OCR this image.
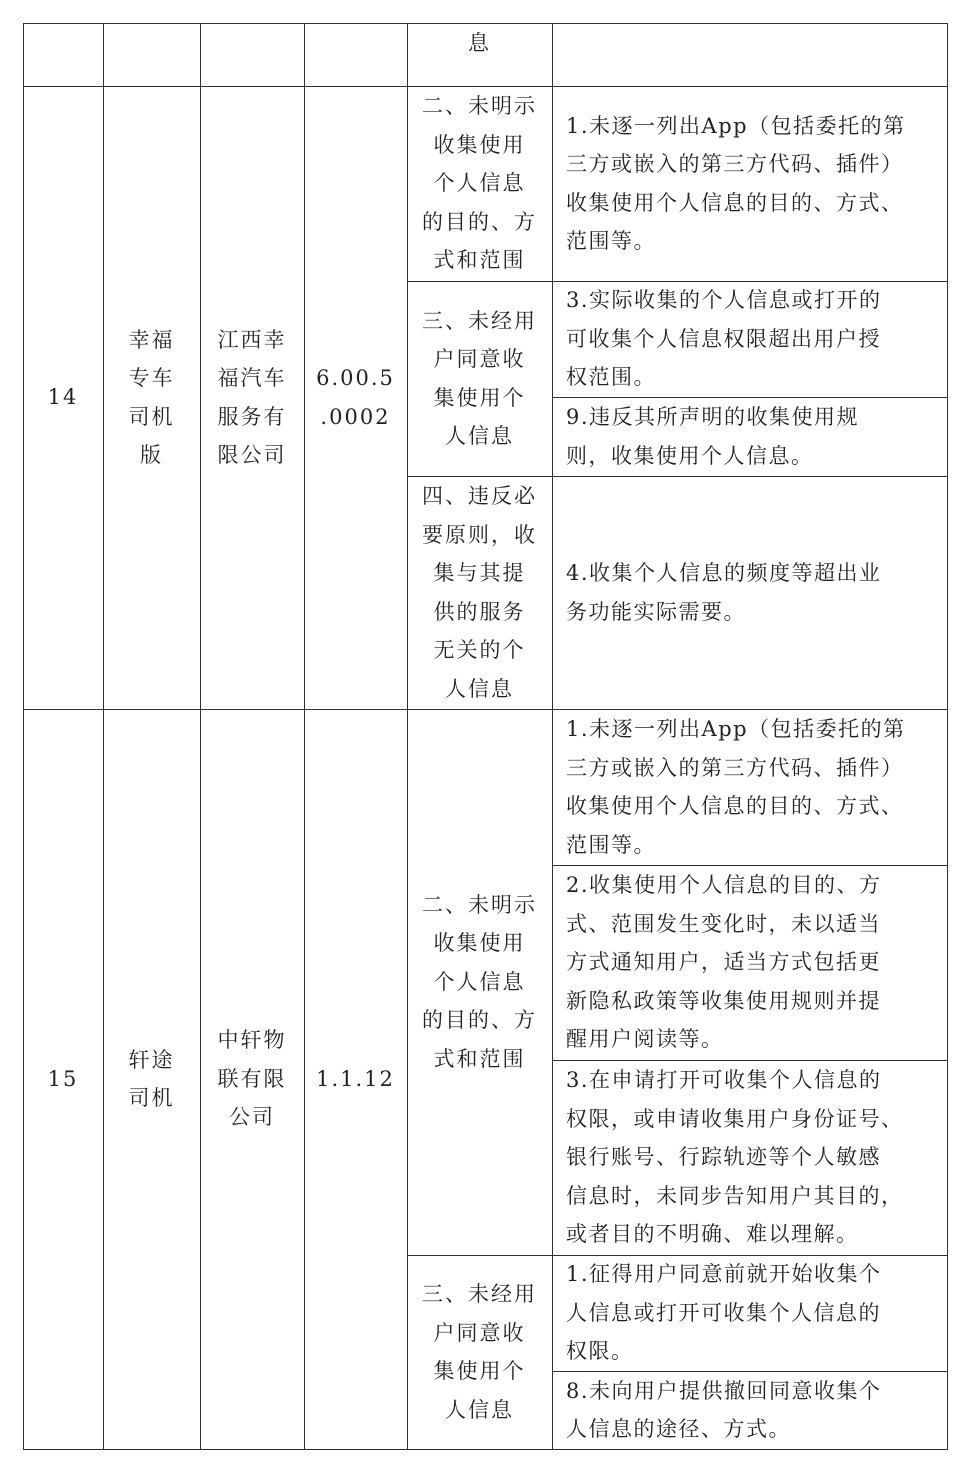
息
14
幸福
专车
司机
版
江西幸
福汽车
服务有
限公司
6.00.5
.0002
二、未明示
收集使用
个人信息
的目的、方
式和范围
1.未逐一列出App（包括委托的第
三方或嵌入的第三方代码、插件）
收集使用个人信息的目的、方式、
范围等。
三、未经用
户同意收
集使用个
人信息
3.实际收集的个人信息或打开的
可收集个人信息权限超出用户授
权范围。
9.违反其所声明的收集使用规
则，收集使用个人信息。
四、违反必
要原则，收
集与其提
供的服务
无关的个
人信息
4.收集个人信息的频度等超出业
务功能实际需要。
15
轩途
司机
中轩物
联有限
公司
1.1.12
二、未明示
收集使用
个人信息
的目的、方
式和范围
1.未逐一列出App（包括委托的第
三方或嵌入的第三方代码、插件）
收集使用个人信息的目的、方式、
范围等。
2.收集使用个人信息的目的、方
式、范围发生变化时，未以适当
方式通知用户，适当方式包括更
新隐私政策等收集使用规则并提
醒用户阅读等。
3.在申请打开可收集个人信息的
权限，或申请收集用户身份证号、
银行账号、行踪轨迹等个人敏感
信息时，未同步告知用户其目的，
或者目的不明确、难以理解。
三、未经用
户同意收
集使用个
人信息
1.征得用户同意前就开始收集个
人信息或打开可收集个人信息的
权限。
8.未向用户提供撤回同意收集个
人信息的途径、方式。
